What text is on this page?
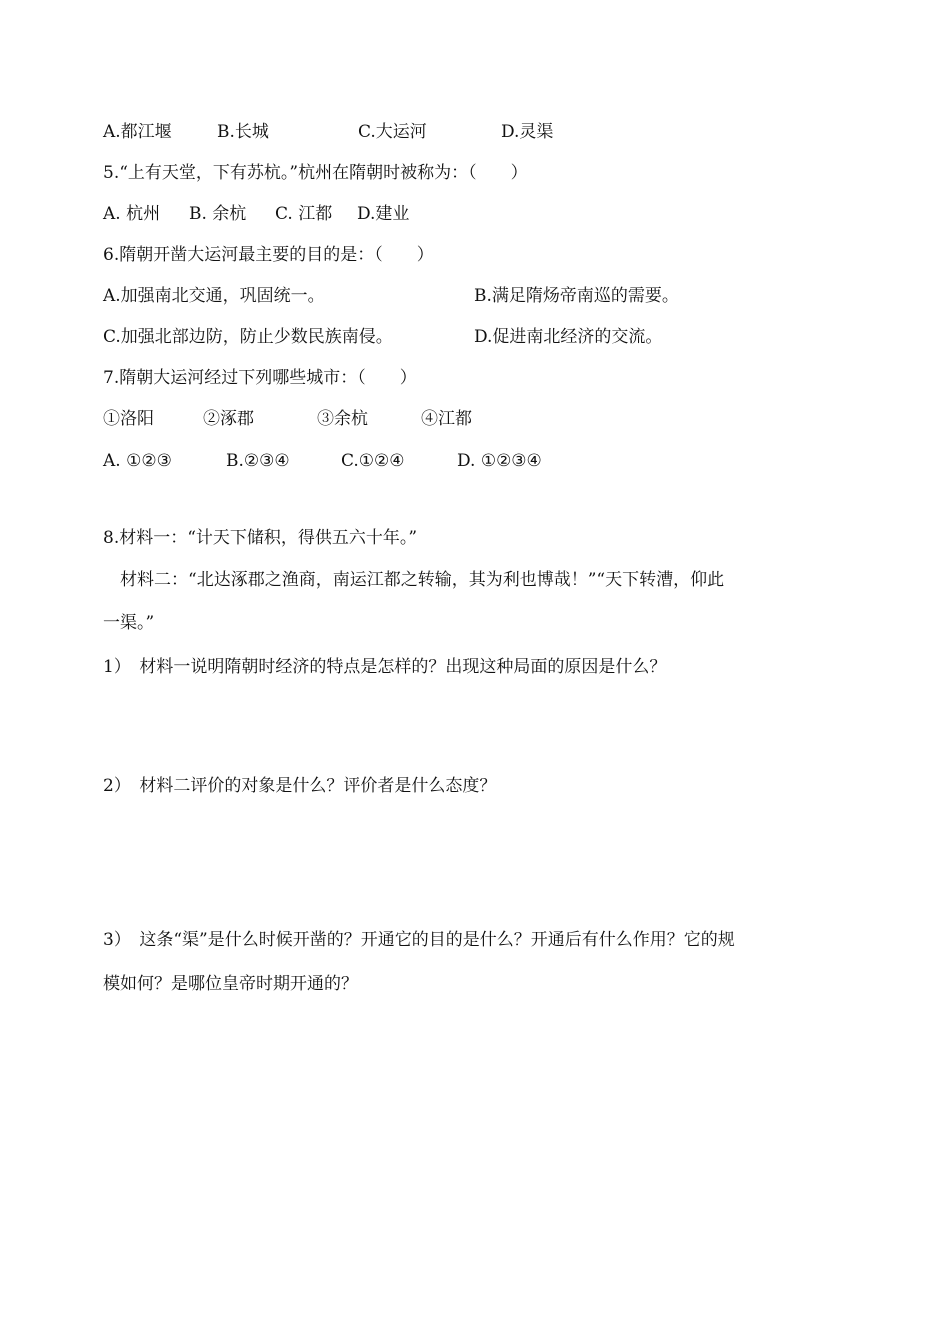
A.都江堰	B.长城	C.大运河	D.灵渠
5.“上有天堂，下有苏杭。”杭州在隋朝时被称为：（　　）
A. 杭州 B. 余杭 C. 江都 D.建业
6.隋朝开凿大运河最主要的目的是：（　　）
A.加强南北交通，巩固统一。	B.满足隋炀帝南巡的需要。
C.加强北部边防，防止少数民族南侵。	D.促进南北经济的交流。
7.隋朝大运河经过下列哪些城市：（　　）
①洛阳	②涿郡	③余杭	④江都
A. ①②③	B.②③④	C.①②④	D. ①②③④
8.材料一：“计天下储积，得供五六十年。”
材料二：“北达涿郡之渔商，南运江都之转输，其为利也博哉！”“天下转漕，仰此
一渠。”
1）　材料一说明隋朝时经济的特点是怎样的？出现这种局面的原因是什么？
2）　材料二评价的对象是什么？评价者是什么态度？
3）　这条“渠”是什么时候开凿的？开通它的目的是什么？开通后有什么作用？它的规
模如何？是哪位皇帝时期开通的？
